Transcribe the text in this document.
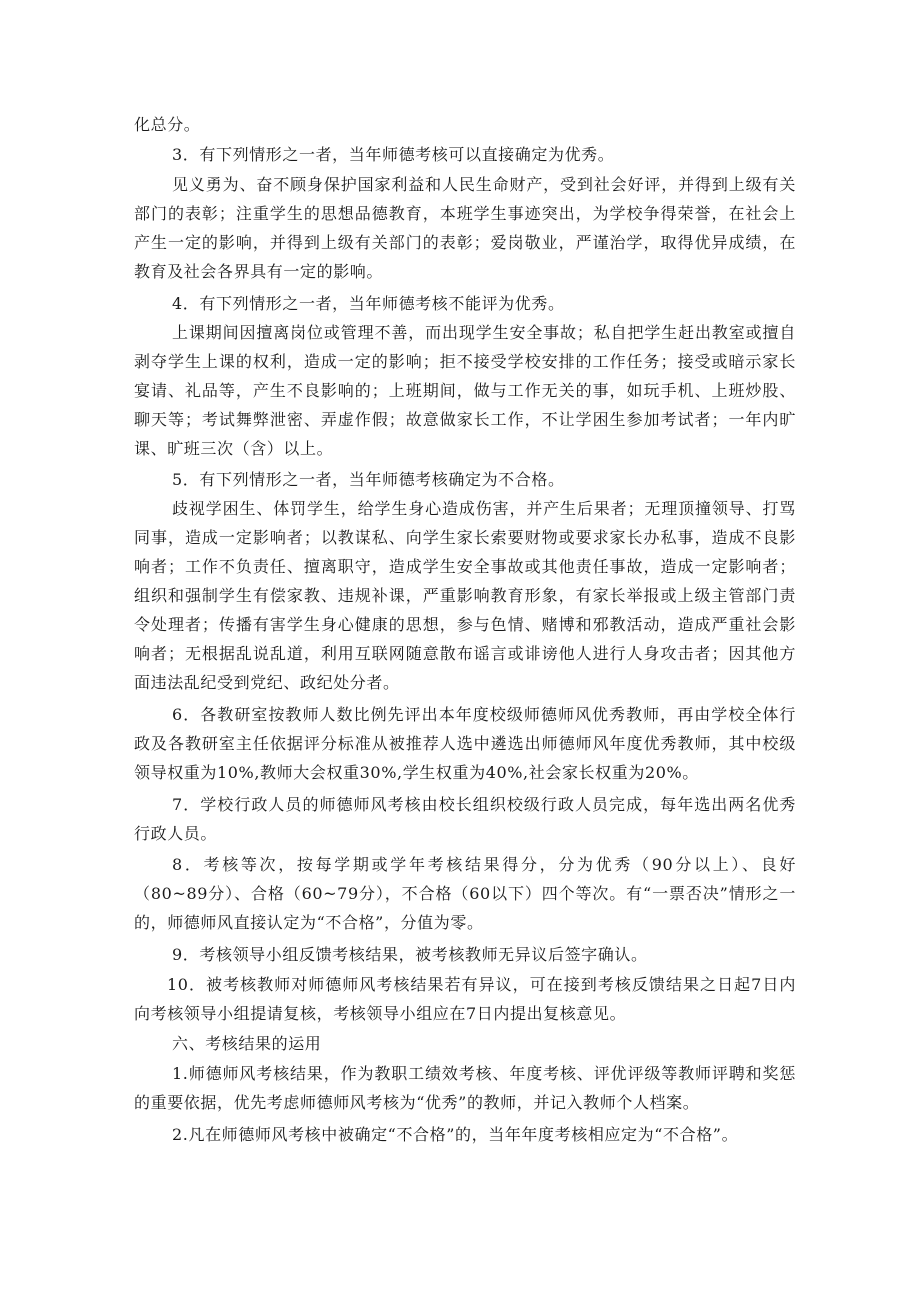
化总分。

3．有下列情形之一者，当年师德考核可以直接确定为优秀。

见义勇为、奋不顾身保护国家利益和人民生命财产，受到社会好评，并得到上级有关部门的表彰；注重学生的思想品德教育，本班学生事迹突出，为学校争得荣誉，在社会上产生一定的影响，并得到上级有关部门的表彰；爱岗敬业，严谨治学，取得优异成绩，在教育及社会各界具有一定的影响。

4．有下列情形之一者，当年师德考核不能评为优秀。

上课期间因擅离岗位或管理不善，而出现学生安全事故；私自把学生赶出教室或擅自剥夺学生上课的权利，造成一定的影响；拒不接受学校安排的工作任务；接受或暗示家长宴请、礼品等，产生不良影响的；上班期间，做与工作无关的事，如玩手机、上班炒股、聊天等；考试舞弊泄密、弄虚作假；故意做家长工作，不让学困生参加考试者；一年内旷课、旷班三次（含）以上。

5．有下列情形之一者，当年师德考核确定为不合格。

歧视学困生、体罚学生，给学生身心造成伤害，并产生后果者；无理顶撞领导、打骂同事，造成一定影响者；以教谋私、向学生家长索要财物或要求家长办私事，造成不良影响者；工作不负责任、擅离职守，造成学生安全事故或其他责任事故，造成一定影响者；组织和强制学生有偿家教、违规补课，严重影响教育形象，有家长举报或上级主管部门责令处理者；传播有害学生身心健康的思想，参与色情、赌博和邪教活动，造成严重社会影响者；无根据乱说乱道，利用互联网随意散布谣言或诽谤他人进行人身攻击者；因其他方面违法乱纪受到党纪、政纪处分者。

6．各教研室按教师人数比例先评出本年度校级师德师风优秀教师，再由学校全体行政及各教研室主任依据评分标准从被推荐人选中遴选出师德师风年度优秀教师，其中校级领导权重为10%,教师大会权重30%,学生权重为40%,社会家长权重为20%。

7．学校行政人员的师德师风考核由校长组织校级行政人员完成，每年选出两名优秀行政人员。

8．考核等次，按每学期或学年考核结果得分，分为优秀（90分以上）、良好（80~89分）、合格（60~79分），不合格（60以下）四个等次。有“一票否决”情形之一的，师德师风直接认定为“不合格”，分值为零。

9．考核领导小组反馈考核结果，被考核教师无异议后签字确认。

10．被考核教师对师德师风考核结果若有异议，可在接到考核反馈结果之日起7日内向考核领导小组提请复核，考核领导小组应在7日内提出复核意见。

六、考核结果的运用

1.师德师风考核结果，作为教职工绩效考核、年度考核、评优评级等教师评聘和奖惩的重要依据，优先考虑师德师风考核为“优秀”的教师，并记入教师个人档案。

2.凡在师德师风考核中被确定“不合格”的，当年年度考核相应定为“不合格”。
